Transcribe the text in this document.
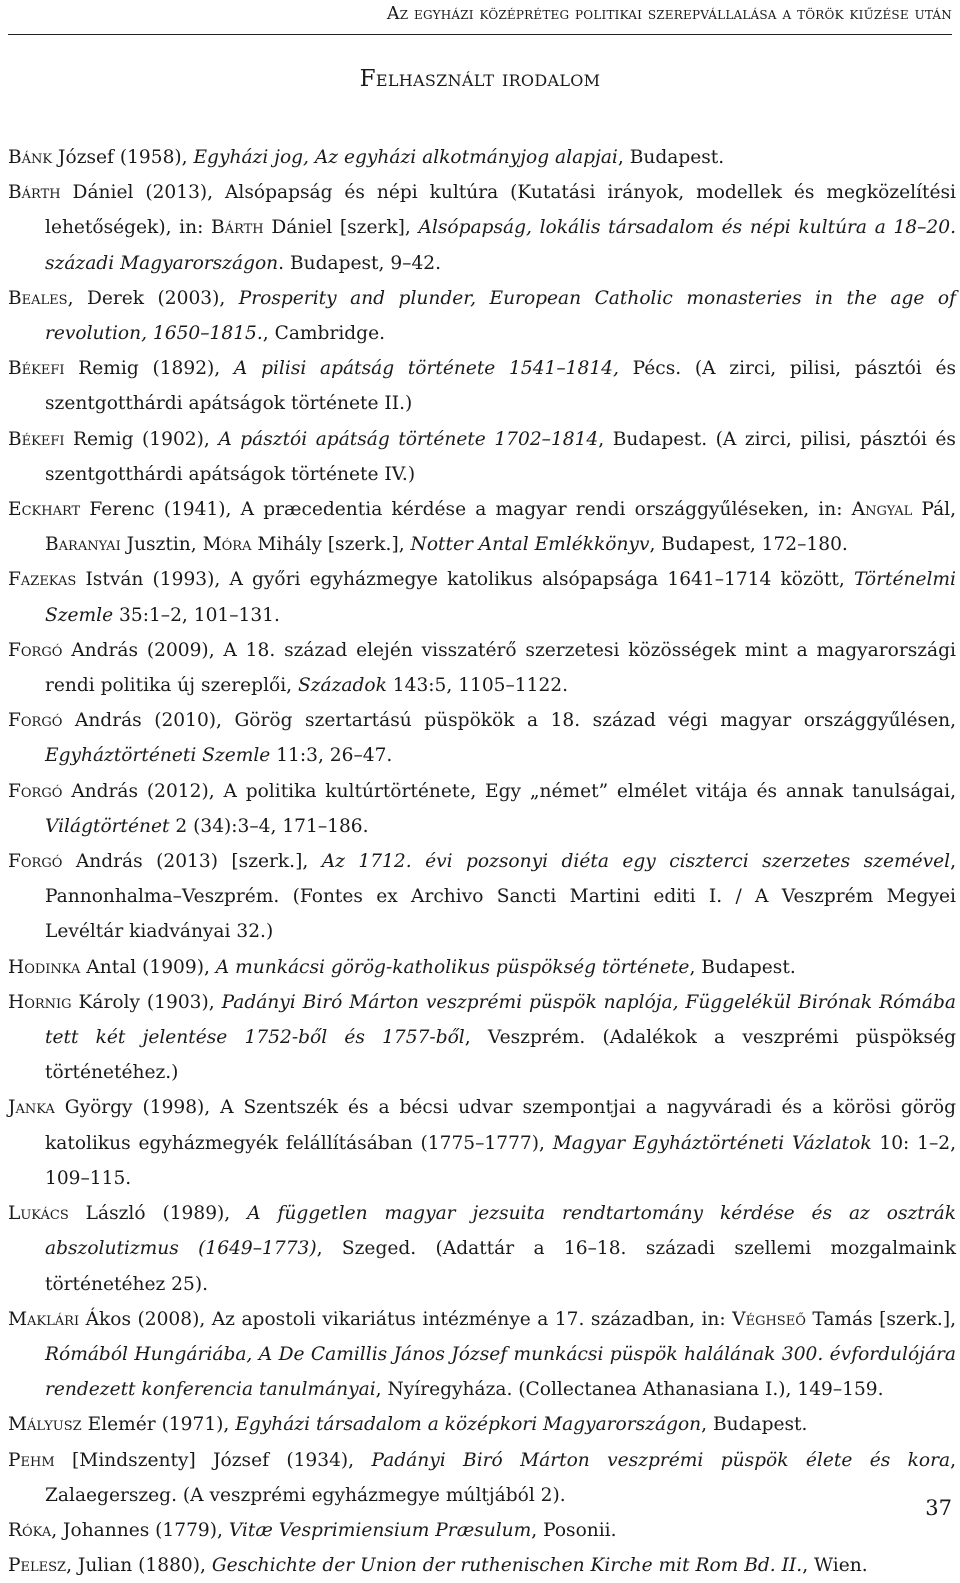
Az egyházi középréteg politikai szerepvállalása a török kiűzése után
Felhasznált irodalom
Bánk József (1958), Egyházi jog, Az egyházi alkotmányjog alapjai, Budapest.
Bárth Dániel (2013), Alsópapság és népi kultúra (Kutatási irányok, modellek és megközelítési lehetőségek), in: Bárth Dániel [szerk], Alsópapság, lokális társadalom és népi kultúra a 18–20. századi Magyarországon. Budapest, 9–42.
Beales, Derek (2003), Prosperity and plunder, European Catholic monasteries in the age of revolution, 1650–1815., Cambridge.
Békefi Remig (1892), A pilisi apátság története 1541–1814, Pécs. (A zirci, pilisi, pásztói és szentgotthárdi apátságok története II.)
Békefi Remig (1902), A pásztói apátság története 1702–1814, Budapest. (A zirci, pilisi, pásztói és szentgotthárdi apátságok története IV.)
Eckhart Ferenc (1941), A præcedentia kérdése a magyar rendi országgyűléseken, in: Angyal Pál, Baranyai Jusztin, Móra Mihály [szerk.], Notter Antal Emlékkönyv, Budapest, 172–180.
Fazekas István (1993), A győri egyházmegye katolikus alsópapsága 1641–1714 között, Történelmi Szemle 35:1–2, 101–131.
Forgó András (2009), A 18. század elején visszatérő szerzetesi közösségek mint a magyarországi rendi politika új szereplői, Századok 143:5, 1105–1122.
Forgó András (2010), Görög szertartású püspökök a 18. század végi magyar országgyűlésen, Egyháztörténeti Szemle 11:3, 26–47.
Forgó András (2012), A politika kultúrtörténete, Egy „német” elmélet vitája és annak tanulságai, Világtörténet 2 (34):3–4, 171–186.
Forgó András (2013) [szerk.], Az 1712. évi pozsonyi diéta egy ciszterci szerzetes szemével, Pannonhalma–Veszprém. (Fontes ex Archivo Sancti Martini editi I. / A Veszprém Megyei Levéltár kiadványai 32.)
Hodinka Antal (1909), A munkácsi görög-katholikus püspökség története, Budapest.
Hornig Károly (1903), Padányi Biró Márton veszprémi püspök naplója, Függelékül Birónak Rómába tett két jelentése 1752-ből és 1757-ből, Veszprém. (Adalékok a veszprémi püspökség történetéhez.)
Janka György (1998), A Szentszék és a bécsi udvar szempontjai a nagyváradi és a körösi görög katolikus egyházmegyék felállításában (1775–1777), Magyar Egyháztörténeti Vázlatok 10: 1–2, 109–115.
Lukács László (1989), A független magyar jezsuita rendtartomány kérdése és az osztrák abszolutizmus (1649–1773), Szeged. (Adattár a 16–18. századi szellemi mozgalmaink történetéhez 25).
Maklári Ákos (2008), Az apostoli vikariátus intézménye a 17. században, in: Véghseő Tamás [szerk.], Rómából Hungáriába, A De Camillis János József munkácsi püspök halálának 300. évfordulójára rendezett konferencia tanulmányai, Nyíregyháza. (Collectanea Athanasiana I.), 149–159.
Mályusz Elemér (1971), Egyházi társadalom a középkori Magyarországon, Budapest.
Pehm [Mindszenty] József (1934), Padányi Biró Márton veszprémi püspök élete és kora, Zalaegerszeg. (A veszprémi egyházmegye múltjából 2).
Róka, Johannes (1779), Vitæ Vesprimiensium Præsulum, Posonii.
Pelesz, Julian (1880), Geschichte der Union der ruthenischen Kirche mit Rom Bd. II., Wien.
37
